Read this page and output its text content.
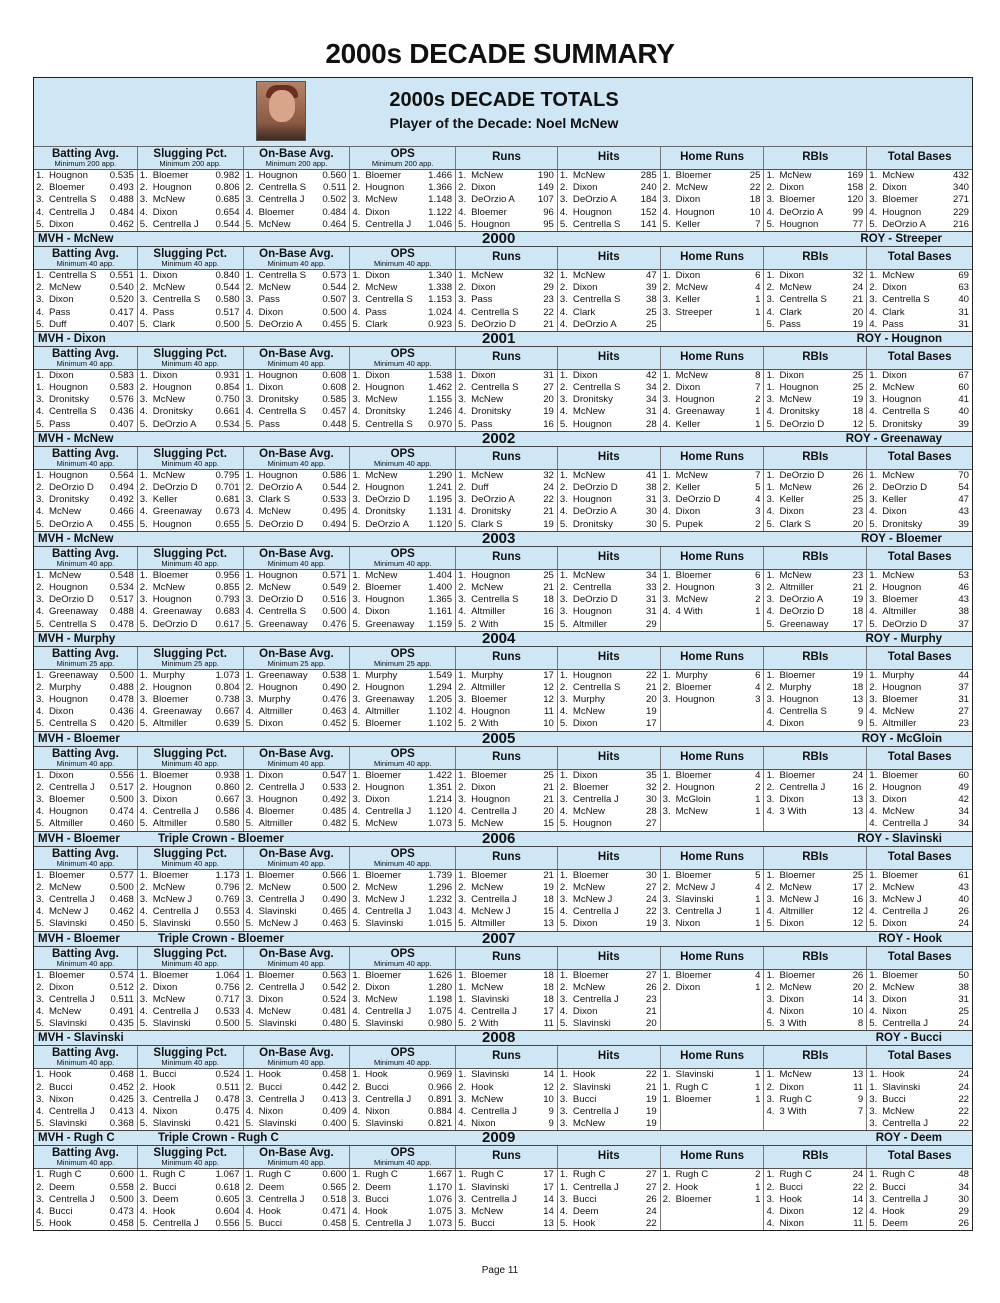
2000s DECADE SUMMARY
2000s DECADE TOTALS
Player of the Decade: Noel McNew
Batting Avg.
Minimum 200 app.
Slugging Pct.
Minimum 200 app.
On-Base Avg.
Minimum 200 app.
OPS
Minimum 200 app.
Runs	Hits	Home Runs	RBIs	Total Bases
1. Hougnon	0.535 1. Bloemer	0.982 1. Hougnon	0.560 1. Bloemer	1.466 1. McNew	190 1. McNew	285 1. Bloemer	25 1. McNew	169 1. McNew	432
2. Bloemer	0.493 2. Hougnon	0.806 2. Centrella S	0.511 2. Hougnon	1.366 2. Dixon	149 2. Dixon	240 2. McNew	22 2. Dixon	158 2. Dixon	340
3. Centrella S	0.488 3. McNew	0.685 3. Centrella J	0.502 3. McNew	1.148 3. DeOrzio A	107 3. DeOrzio A	184 3. Dixon	18 3. Bloemer	120 3. Bloemer	271
4. Centrella J	0.484 4. Dixon	0.654 4. Bloemer	0.484 4. Dixon	1.122 4. Bloemer	96 4. Hougnon	152 4. Hougnon	10 4. DeOrzio A	99 4. Hougnon	229
5. Dixon	0.462 5. Centrella J	0.544 5. McNew	0.464 5. Centrella J	1.046 5. Hougnon	95 5. Centrella S	141 5. Keller	7 5. Hougnon	77 5. DeOrzio A	216
MVH - McNew	2000	ROY - Streeper
Batting Avg.
Minimum 40 app.
Slugging Pct.
Minimum 40 app.
On-Base Avg.
Minimum 40 app.
OPS
Minimum 40 app.
Runs	Hits	Home Runs	RBIs	Total Bases
1. Centrella S	0.551 1. Dixon	0.840 1. Centrella S	0.573 1. Dixon	1.340 1. McNew	32 1. McNew	47 1. Dixon	6 1. Dixon	32 1. McNew	69
2. McNew	0.540 2. McNew	0.544 2. McNew	0.544 2. McNew	1.338 2. Dixon	29 2. Dixon	39 2. McNew	4 2. McNew	24 2. Dixon	63
3. Dixon	0.520 3. Centrella S	0.580 3. Pass	0.507 3. Centrella S	1.153 3. Pass	23 3. Centrella S	38 3. Keller	1 3. Centrella S	21 3. Centrella S	40
4. Pass	0.417 4. Pass	0.517 4. Dixon	0.500 4. Pass	1.024 4. Centrella S	22 4. Clark	25 3. Streeper	1 4. Clark	20 4. Clark	31
5. Duff	0.407 5. Clark	0.500 5. DeOrzio A	0.455 5. Clark	0.923 5. DeOrzio D	21 4. DeOrzio A	25	5. Pass	19 4. Pass	31
MVH - Dixon	2001	ROY - Hougnon
Batting Avg.
Minimum 40 app.
Slugging Pct.
Minimum 40 app.
On-Base Avg.
Minimum 40 app.
OPS
Minimum 40 app.
Runs	Hits	Home Runs	RBIs	Total Bases
1. Dixon	0.583 1. Dixon	0.931 1. Hougnon	0.608 1. Dixon	1.538 1. Dixon	31 1. Dixon	42 1. McNew	8 1. Dixon	25 1. Dixon	67
1. Hougnon	0.583 2. Hougnon	0.854 1. Dixon	0.608 2. Hougnon	1.462 2. Centrella S	27 2. Centrella S	34 2. Dixon	7 1. Hougnon	25 2. McNew	60
3. Dronitsky	0.576 3. McNew	0.750 3. Dronitsky	0.585 3. McNew	1.155 3. McNew	20 3. Dronitsky	34 3. Hougnon	2 3. McNew	19 3. Hougnon	41
4. Centrella S	0.436 4. Dronitsky	0.661 4. Centrella S	0.457 4. Dronitsky	1.246 4. Dronitsky	19 4. McNew	31 4. Greenaway	1 4. Dronitsky	18 4. Centrella S	40
5. Pass	0.407 5. DeOrzio A	0.534 5. Pass	0.448 5. Centrella S	0.970 5. Pass	16 5. Hougnon	28 4. Keller	1 5. DeOrzio D	12 5. Dronitsky	39
MVH - McNew	2002	ROY - Greenaway
Batting Avg.
Minimum 40 app.
Slugging Pct.
Minimum 40 app.
On-Base Avg.
Minimum 40 app.
OPS
Minimum 40 app.
Runs	Hits	Home Runs	RBIs	Total Bases
1. Hougnon	0.564 1. McNew	0.795 1. Hougnon	0.586 1. McNew	1.290 1. McNew	32 1. McNew	41 1. McNew	7 1. DeOrzio D	26 1. McNew	70
2. DeOrzio D	0.494 2. DeOrzio D	0.701 2. DeOrzio A	0.544 2. Hougnon	1.241 2. Duff	24 2. DeOrzio D	38 2. Keller	5 1. McNew	26 2. DeOrzio D	54
3. Dronitsky	0.492 3. Keller	0.681 3. Clark S	0.533 3. DeOrzio D	1.195 3. DeOrzio A	22 3. Hougnon	31 3. DeOrzio D	4 3. Keller	25 3. Keller	47
4. McNew	0.466 4. Greenaway	0.673 4. McNew	0.495 4. Dronitsky	1.131 4. Dronitsky	21 4. DeOrzio A	30 4. Dixon	3 4. Dixon	23 4. Dixon	43
5. DeOrzio A	0.455 5. Hougnon	0.655 5. DeOrzio D	0.494 5. DeOrzio A	1.120 5. Clark S	19 5. Dronitsky	30 5. Pupek	2 5. Clark S	20 5. Dronitsky	39
MVH - McNew	2003	ROY - Bloemer
Batting Avg.
Minimum 40 app.
Slugging Pct.
Minimum 40 app.
On-Base Avg.
Minimum 40 app.
OPS
Minimum 40 app.
Runs	Hits	Home Runs	RBIs	Total Bases
1. McNew	0.548 1. Bloemer	0.956 1. Hougnon	0.571 1. McNew	1.404 1. Hougnon	25 1. McNew	34 1. Bloemer	6 1. McNew	23 1. McNew	53
2. Hougnon	0.534 2. McNew	0.855 2. McNew	0.549 2. Bloemer	1.400 2. McNew	21 2. Centrella	33 2. Hougnon	3 2. Altmiller	21 2. Hougnon	46
3. DeOrzio D	0.517 3. Hougnon	0.793 3. DeOrzio D	0.516 3. Hougnon	1.365 3. Centrella S	18 3. DeOrzio D	31 3. McNew	2 3. DeOrzio A	19 3. Bloemer	43
4. Greenaway	0.488 4. Greenaway	0.683 4. Centrella S	0.500 4. Dixon	1.161 4. Altmiller	16 3. Hougnon	31 4. 4 With	1 4. DeOrzio D	18 4. Altmiller	38
5. Centrella S	0.478 5. DeOrzio D	0.617 5. Greenaway	0.476 5. Greenaway	1.159 5. 2 With	15 5. Altmiller	29	5. Greenaway	17 5. DeOrzio D	37
MVH - Murphy	2004	ROY - Murphy
Batting Avg.
Minimum 25 app.
Slugging Pct.
Minimum 25 app.
On-Base Avg.
Minimum 25 app.
OPS
Minimum 25 app.
Runs	Hits	Home Runs	RBIs	Total Bases
1. Greenaway	0.500 1. Murphy	1.073 1. Greenaway	0.538 1. Murphy	1.549 1. Murphy	17 1. Hougnon	22 1. Murphy	6 1. Bloemer	19 1. Murphy	44
2. Murphy	0.488 2. Hougnon	0.804 2. Hougnon	0.490 2. Hougnon	1.294 2. Altmiller	12 2. Centrella S	21 2. Bloemer	4 2. Murphy	18 2. Hougnon	37
3. Hougnon	0.478 3. Bloemer	0.738 3. Murphy	0.476 3. Greenaway	1.205 3. Bloemer	12 3. Murphy	20 3. Hougnon	3 3. Hougnon	13 3. Bloemer	31
4. Dixon	0.436 4. Greenaway	0.667 4. Altmiller	0.463 4. Altmiller	1.102 4. Hougnon	11 4. McNew	19	4. Centrella S	9 4. McNew	27
5. Centrella S	0.420 5. Altmiller	0.639 5. Dixon	0.452 5. Bloemer	1.102 5. 2 With	10 5. Dixon	17	4. Dixon	9 5. Altmiller	23
MVH - Bloemer	2005	ROY - McGloin
Batting Avg.
Minimum 40 app.
Slugging Pct.
Minimum 40 app.
On-Base Avg.
Minimum 40 app.
OPS
Minimum 40 app.
Runs	Hits	Home Runs	RBIs	Total Bases
1. Dixon	0.556 1. Bloemer	0.938 1. Dixon	0.547 1. Bloemer	1.422 1. Bloemer	25 1. Dixon	35 1. Bloemer	4 1. Bloemer	24 1. Bloemer	60
2. Centrella J	0.517 2. Hougnon	0.860 2. Centrella J	0.533 2. Hougnon	1.351 2. Dixon	21 2. Bloemer	32 2. Hougnon	2 2. Centrella J	16 2. Hougnon	49
3. Bloemer	0.500 3. Dixon	0.667 3. Hougnon	0.492 3. Dixon	1.214 3. Hougnon	21 3. Centrella J	30 3. McGloin	1 3. Dixon	13 3. Dixon	42
4. Hougnon	0.474 4. Centrella J	0.586 4. Bloemer	0.485 4. Centrella J	1.120 4. Centrella J	20 4. McNew	28 3. McNew	1 4. 3 With	13 4. McNew	34
5. Altmiller	0.460 5. Altmiller	0.580 5. Altmiller	0.482 5. McNew	1.073 5. McNew	15 5. Hougnon	27	4. Centrella J	34
MVH - Bloemer	Triple Crown - Bloemer	2006	ROY - Slavinski
Batting Avg.
Minimum 40 app.
Slugging Pct.
Minimum 40 app.
On-Base Avg.
Minimum 40 app.
OPS
Minimum 40 app.
Runs	Hits	Home Runs	RBIs	Total Bases
1. Bloemer	0.577 1. Bloemer	1.173 1. Bloemer	0.566 1. Bloemer	1.739 1. Bloemer	21 1. Bloemer	30 1. Bloemer	5 1. Bloemer	25 1. Bloemer	61
2. McNew	0.500 2. McNew	0.796 2. McNew	0.500 2. McNew	1.296 2. McNew	19 2. McNew	27 2. McNew J	4 2. McNew	17 2. McNew	43
3. Centrella J	0.468 3. McNew J	0.769 3. Centrella J	0.490 3. McNew J	1.232 3. Centrella J	18 3. McNew J	24 3. Slavinski	1 3. McNew J	16 3. McNew J	40
4. McNew J	0.462 4. Centrella J	0.553 4. Slavinski	0.465 4. Centrella J	1.043 4. McNew J	15 4. Centrella J	22 3. Centrella J	1 4. Altmiller	12 4. Centrella J	26
5. Slavinski	0.450 5. Slavinski	0.550 5. McNew J	0.463 5. Slavinski	1.015 5. Altmiller	13 5. Dixon	19 3. Nixon	1 5. Dixon	12 5. Dixon	24
MVH - Bloemer	Triple Crown - Bloemer	2007	ROY - Hook
Batting Avg.
Minimum 40 app.
Slugging Pct.
Minimum 40 app.
On-Base Avg.
Minimum 40 app.
OPS
Minimum 40 app.
Runs	Hits	Home Runs	RBIs	Total Bases
1. Bloemer	0.574 1. Bloemer	1.064 1. Bloemer	0.563 1. Bloemer	1.626 1. Bloemer	18 1. Bloemer	27 1. Bloemer	4 1. Bloemer	26 1. Bloemer	50
2. Dixon	0.512 2. Dixon	0.756 2. Centrella J	0.542 2. Dixon	1.280 1. McNew	18 2. McNew	26 2. Dixon	1 2. McNew	20 2. McNew	38
3. Centrella J	0.511 3. McNew	0.717 3. Dixon	0.524 3. McNew	1.198 1. Slavinski	18 3. Centrella J	23	3. Dixon	14 3. Dixon	31
4. McNew	0.491 4. Centrella J	0.533 4. McNew	0.481 4. Centrella J	1.075 4. Centrella J	17 4. Dixon	21	4. Nixon	10 4. Nixon	25
5. Slavinski	0.435 5. Slavinski	0.500 5. Slavinski	0.480 5. Slavinski	0.980 5. 2 With	11 5. Slavinski	20	5. 3 With	8 5. Centrella J	24
MVH - Slavinski	2008	ROY - Bucci
Batting Avg.
Minimum 40 app.
Slugging Pct.
Minimum 40 app.
On-Base Avg.
Minimum 40 app.
OPS
Minimum 40 app.
Runs	Hits	Home Runs	RBIs	Total Bases
1. Hook	0.468 1. Bucci	0.524 1. Hook	0.458 1. Hook	0.969 1. Slavinski	14 1. Hook	22 1. Slavinski	1 1. McNew	13 1. Hook	24
2. Bucci	0.452 2. Hook	0.511 2. Bucci	0.442 2. Bucci	0.966 2. Hook	12 2. Slavinski	21 1. Rugh C	1 2. Dixon	11 1. Slavinski	24
3. Nixon	0.425 3. Centrella J	0.478 3. Centrella J	0.413 3. Centrella J	0.891 3. McNew	10 3. Bucci	19 1. Bloemer	1 3. Rugh C	9 3. Bucci	22
4. Centrella J	0.413 4. Nixon	0.475 4. Nixon	0.409 4. Nixon	0.884 4. Centrella J	9 3. Centrella J	19	4. 3 With	7 3. McNew	22
5. Slavinski	0.368 5. Slavinski	0.421 5. Slavinski	0.400 5. Slavinski	0.821 4. Nixon	9 3. McNew	19	3. Centrella J	22
MVH - Rugh C	Triple Crown - Rugh C	2009	ROY - Deem
Batting Avg.
Minimum 40 app.
Slugging Pct.
Minimum 40 app.
On-Base Avg.
Minimum 40 app.
OPS
Minimum 40 app.
Runs	Hits	Home Runs	RBIs	Total Bases
1. Rugh C	0.600 1. Rugh C	1.067 1. Rugh C	0.600 1. Rugh C	1.667 1. Rugh C	17 1. Rugh C	27 1. Rugh C	2 1. Rugh C	24 1. Rugh C	48
2. Deem	0.558 2. Bucci	0.618 2. Deem	0.565 2. Deem	1.170 1. Slavinski	17 1. Centrella J	27 2. Hook	1 2. Bucci	22 2. Bucci	34
3. Centrella J	0.500 3. Deem	0.605 3. Centrella J	0.518 3. Bucci	1.076 3. Centrella J	14 3. Bucci	26 2. Bloemer	1 3. Hook	14 3. Centrella J	30
4. Bucci	0.473 4. Hook	0.604 4. Hook	0.471 4. Hook	1.075 3. McNew	14 4. Deem	24	4. Dixon	12 4. Hook	29
5. Hook	0.458 5. Centrella J	0.556 5. Bucci	0.458 5. Centrella J	1.073 5. Bucci	13 5. Hook	22	4. Nixon	11 5. Deem	26
Page 11
